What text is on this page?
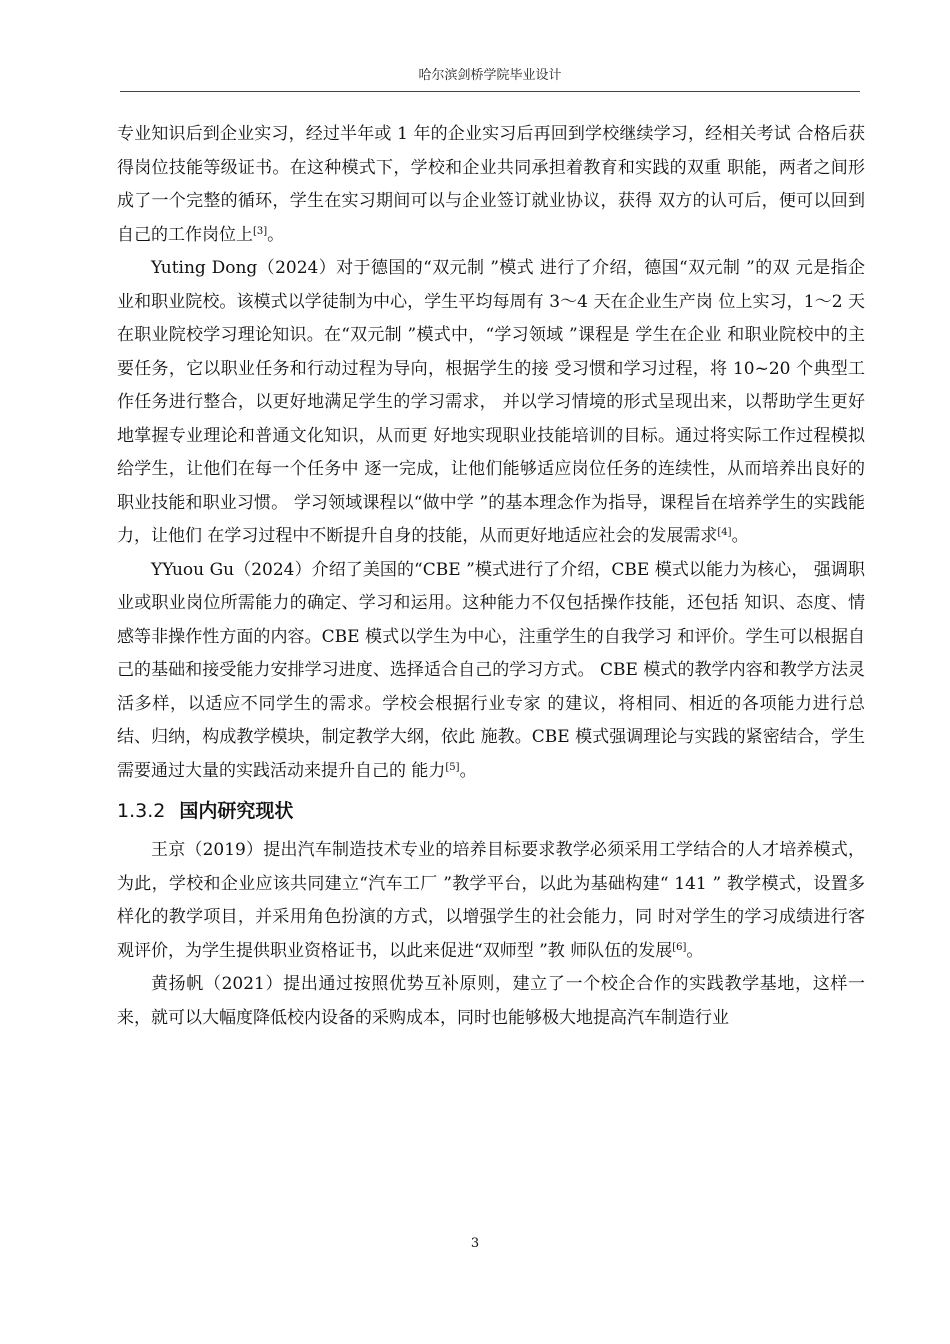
哈尔滨剑桥学院毕业设计

专业知识后到企业实习，经过半年或 1 年的企业实习后再回到学校继续学习，经相关考试 合格后获得岗位技能等级证书。在这种模式下，学校和企业共同承担着教育和实践的双重 职能，两者之间形成了一个完整的循环，学生在实习期间可以与企业签订就业协议，获得 双方的认可后，便可以回到自己的工作岗位上[3]。

Yuting Dong（2024）对于德国的“双元制 ”模式 进行了介绍，德国“双元制 ”的双 元是指企业和职业院校。该模式以学徒制为中心，学生平均每周有 3～4 天在企业生产岗 位上实习，1～2 天在职业院校学习理论知识。在“双元制 ”模式中，“学习领域 ”课程是 学生在企业 和职业院校中的主要任务，它以职业任务和行动过程为导向，根据学生的接 受习惯和学习过程，将 10~20 个典型工作任务进行整合，以更好地满足学生的学习需求， 并以学习情境的形式呈现出来，以帮助学生更好地掌握专业理论和普通文化知识，从而更 好地实现职业技能培训的目标。通过将实际工作过程模拟给学生，让他们在每一个任务中 逐一完成，让他们能够适应岗位任务的连续性，从而培养出良好的职业技能和职业习惯。 学习领域课程以“做中学 ”的基本理念作为指导，课程旨在培养学生的实践能力，让他们 在学习过程中不断提升自身的技能，从而更好地适应社会的发展需求[4]。

YYuou Gu（2024）介绍了美国的“CBE ”模式进行了介绍，CBE 模式以能力为核心， 强调职业或职业岗位所需能力的确定、学习和运用。这种能力不仅包括操作技能，还包括 知识、态度、情感等非操作性方面的内容。CBE 模式以学生为中心，注重学生的自我学习 和评价。学生可以根据自己的基础和接受能力安排学习进度、选择适合自己的学习方式。 CBE 模式的教学内容和教学方法灵活多样，以适应不同学生的需求。学校会根据行业专家 的建议，将相同、相近的各项能力进行总结、归纳，构成教学模块，制定教学大纲，依此 施教。CBE 模式强调理论与实践的紧密结合，学生需要通过大量的实践活动来提升自己的 能力[5]。

1.3.2 国内研究现状

王京（2019）提出汽车制造技术专业的培养目标要求教学必须采用工学结合的人才培养模式，为此，学校和企业应该共同建立“汽车工厂 ”教学平台，以此为基础构建“ 141 ” 教学模式，设置多样化的教学项目，并采用角色扮演的方式，以增强学生的社会能力，同 时对学生的学习成绩进行客观评价，为学生提供职业资格证书，以此来促进“双师型 ”教 师队伍的发展[6]。

黄扬帆（2021）提出通过按照优势互补原则，建立了一个校企合作的实践教学基地，这样一来，就可以大幅度降低校内设备的采购成本，同时也能够极大地提高汽车制造行业

3
